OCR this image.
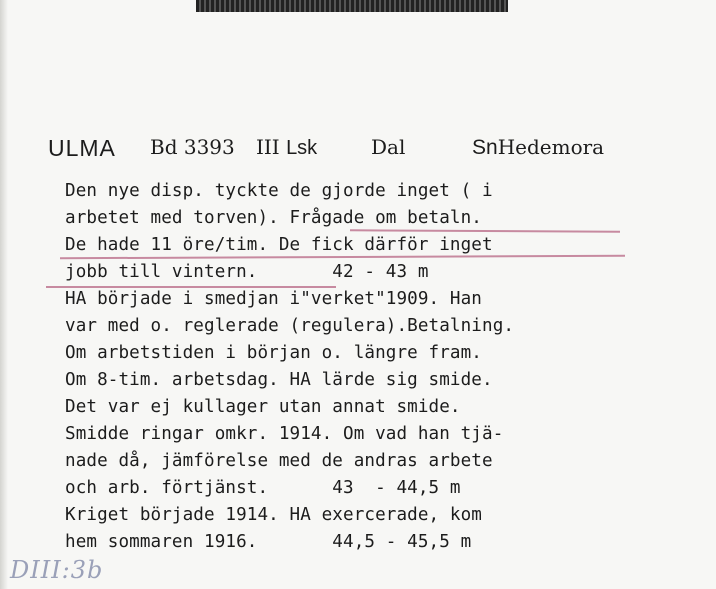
ULMA Bd 3393 III Lsk	Dal	SnHedemora
Den nye disp. tyckte de gjorde inget ( i
arbetet med torven). Frågade om betaln.
De hade 11 öre/tim. De fick därför inget
jobb till vintern.       42 - 43 m
HA började i smedjan i"verket"1909. Han
var med o. reglerade (regulera).Betalning.
Om arbetstiden i början o. längre fram.
Om 8-tim. arbetsdag. HA lärde sig smide.
Det var ej kullager utan annat smide.
Smidde ringar omkr. 1914. Om vad han tjä-
nade då, jämförelse med de andras arbete
och arb. förtjänst.      43  - 44,5 m
Kriget började 1914. HA exercerade, kom
hem sommaren 1916.       44,5 - 45,5 m
DIII:3b
